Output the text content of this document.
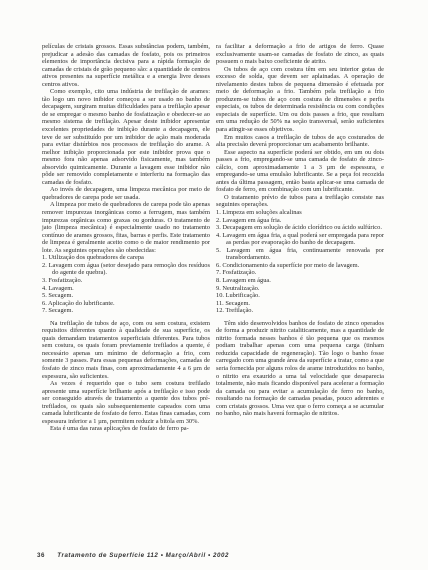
películas de cristais grossos. Essas substâncias podem, também, prejudicar a adesão das camadas de fosfato, pois os primeiros elementos de importância decisiva para a rápida formação de camadas de cristais de grão pequeno são: a quantidade de centros ativos presentes na superfície metálica e a energia livre desses centros ativos.

Como exemplo, cito uma indústria de trefilação de arames: tão logo um novo inibidor começou a ser usado no banho de decapagem, surgiram muitas dificuldades para a trefilação apesar de se empregar o mesmo banho de fosfatização e obedecer-se ao mesmo sistema de trefilação. Apesar deste inibidor apresentar excelentes propriedades de inibição durante a decapagem, ele teve de ser substituído por um inibidor de ação mais moderada para evitar distúrbios nos processos de trefilação do arame. A melhor inibição proporcionada por este inibidor prova que o mesmo fora não apenas adsorvido fisicamente, mas também absorvido quimicamente. Durante a lavagem esse inibidor não pôde ser removido completamente e interferiu na formação das camadas de fosfato.

Ao invés de decapagem, uma limpeza mecânica por meio de quebradores de carepa pode ser usada.

A limpeza por meio de quebradores de carepa pode tão apenas remover impurezas inorgânicas como a ferrugem, mas também impurezas orgânicas como graxas ou gorduras. O tratamento de jato (limpeza mecânica) é especialmente usado no tratamento contínuo de arames grossos, fitas, barras e perfis. Este tratamento de limpeza é geralmente aceito como o de maior rendimento por lote. As seguintes operações são obedecidas:

1. Utilização dos quebradores de carepa
2. Lavagem com água (setor desejado para remoção dos resíduos do agente de quebra).
3. Fosfatização.
4. Lavagem.
5. Secagem.
6. Aplicação do lubrificante.
7. Secagem.

Na trefilação de tubos de aço, com ou sem costura, existem requisitos diferentes quanto à qualidade de sua superfície, os quais demandam tratamentos superficiais diferentes. Para tubos sem costura, os quais foram previamente trefilados a quente, é necessário apenas um mínimo de deformação a frio, com somente 3 passes. Para essas pequenas deformações, camadas de fosfato de zinco mais finas, com aproximadamente 4 a 6 µm de espessura, são suficientes.

As vezes é requerido que o tubo sem costura trefilado apresente uma superfície brilhante após a trefilação e isso pode ser conseguido através de tratamento a quente dos tubos pré-trefilados, os quais são subsequentemente capeados com uma camada lubrificante de fosfato de ferro. Estas finas camadas, com espessura inferior a 1 µm, permitem reduzir a bitola em 30%.

Esta é uma das raras aplicações de fosfato de ferro pa-

ra facilitar a deformação a frio de artigos de ferro. Quase exclusivamente usam-se camadas de fosfato de zinco, as quais possuem o mais baixo coeficiente de atrito.

Os tubos de aço com costura têm em seu interior gotas de excesso de solda, que devem ser aplainadas. A operação de nivelamento destes tubos de pequena dimensão é efetuada por meio de deformação a frio. Também pela trefilação a frio produzem-se tubos de aço com costura de dimensões e perfis especiais, os tubos de determinada resistência ou com condições especiais de superfície. Um ou dois passes a frio, que resultam em uma redução de 50% na seção transversal, serão suficientes para atingir-se esses objetivos.

Em muitos casos a trefilação de tubos de aço costurados de alta precisão deverá proporcionar um acabamento brilhante.

Esse aspecto na superfície poderá ser obtido, em um ou dois passes a frio, empregando-se uma camada de fosfato de zinco-cálcio, com aproximadamente 1 a 3 µm de espessura, e empregando-se uma emulsão lubrificante. Se a peça foi recozida antes da última passagem, então basta aplicar-se uma camada de fosfato de ferro, em combinação com um lubrificante.

O tratamento prévio de tubos para a trefilação consiste nas seguintes operações.

1. Limpeza em soluções alcalinas
2. Lavagem em água fria.
3. Decapagem em solução de ácido clorídrico ou ácido sulfúrico.
4. Lavagem em água fria, a qual poderá ser empregada para repor as perdas por evaporação do banho de decapagem.
5. Lavagem em água fria, continuamente renovada por transbordamento.
6. Condicionamento da superfície por meio de lavagem.
7. Fosfatização.
8. Lavagem em água.
9. Neutralização.
10. Lubrificação.
11. Secagem.
12. Trefilação.

Têm sido desenvolvidos banhos de fosfato de zinco operados de forma a produzir nitrito cataliticamente, mas a quantidade de nitrito formada nesses banhos é tão pequena que os mesmos podiam trabalhar apenas com uma pequena carga (tinham reduzida capacidade de regeneração). Tão logo o banho fosse carregado com uma grande área da superfície a tratar, como a que seria fornecida por alguns rolos de arame introduzidos no banho, o nitrito era exaurido a uma tal velocidade que desaparecia totalmente, não mais ficando disponível para acelerar a formação da camada ou para evitar a acumulação de ferro no banho, resultando na formação de camadas pesadas, pouco aderentes e com cristais grossos. Uma vez que o ferro começa a se acumular no banho, não mais haverá formação de nitritos.

36 Tratamento de Superfície 112 • Março/Abril • 2002
